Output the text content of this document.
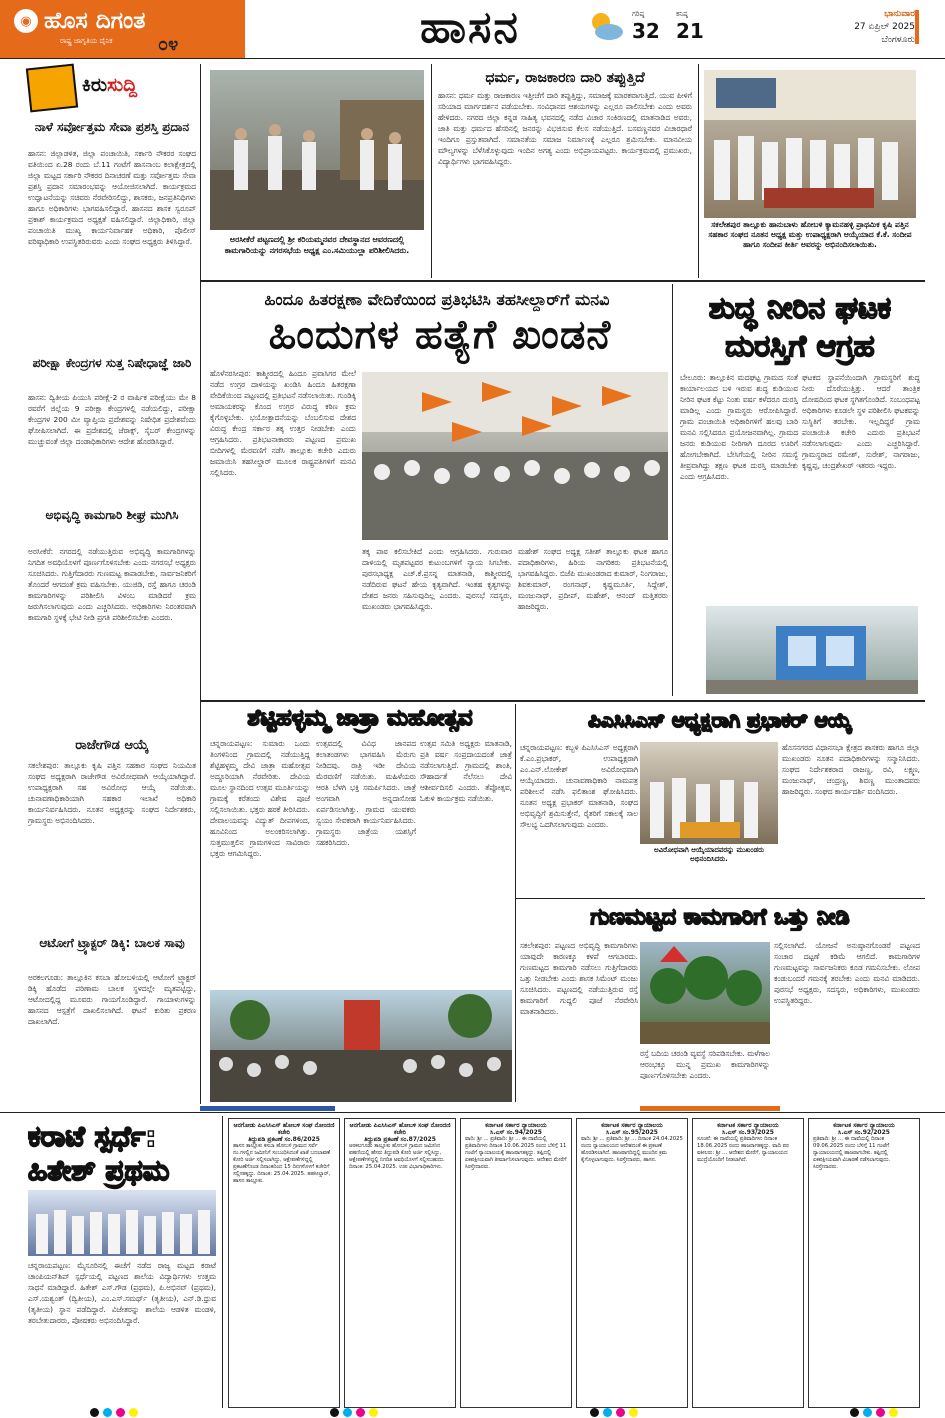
◉ ಹೊಸ ದಿಗಂತ
ರಾಷ್ಟ್ರ ಜಾಗೃತಿಯ ದೈನಿಕ	೦೪	ಹಾಸನ	ಗರಿಷ್ಠ
32
ಕನಿಷ್ಠ
21
ಭಾನುವಾರ
27 ಏಪ್ರಿಲ್ 2025
ಬೆಂಗಳೂರು
ಕಿರುಸುದ್ದಿ
ನಾಳೆ ಸರ್ವೋತ್ತಮ ಸೇವಾ ಪ್ರಶಸ್ತಿ ಪ್ರದಾನ
ಹಾಸನ: ಜಿಲ್ಲಾಡಳಿತ, ಜಿಲ್ಲಾ ಪಂಚಾಯಿತಿ, ಸರ್ಕಾರಿ ನೌಕರರ ಸಂಘದ ವತಿಯಿಂದ ಏ.28 ರಂದು ಬೆ.11 ಗಂಟೆಗೆ ಹಾಸನಾಂಬ ಕಲಾಕ್ಷೇತ್ರದಲ್ಲಿ ಜಿಲ್ಲಾ ಮಟ್ಟದ ಸರ್ಕಾರಿ ನೌಕರರ ದಿನಾಚರಣೆ ಮತ್ತು ಸರ್ವೋತ್ತಮ ಸೇವಾ ಪ್ರಶಸ್ತಿ ಪ್ರದಾನ ಸಮಾರಂಭವನ್ನು ಆಯೋಜಿಸಲಾಗಿದೆ. ಕಾರ್ಯಕ್ರಮದ ಉದ್ಘಾಟನೆಯನ್ನು ಸಚಿವರು ನೆರವೇರಿಸಲಿದ್ದು, ಶಾಸಕರು, ಜನಪ್ರತಿನಿಧಿಗಳು ಹಾಗೂ ಅಧಿಕಾರಿಗಳು ಭಾಗವಹಿಸಲಿದ್ದಾರೆ. ಹಾಸನದ ಶಾಸಕ ಸ್ವರೂಪ್ ಪ್ರಕಾಶ್ ಕಾರ್ಯಕ್ರಮದ ಅಧ್ಯಕ್ಷತೆ ವಹಿಸಲಿದ್ದಾರೆ. ಜಿಲ್ಲಾಧಿಕಾರಿ, ಜಿಲ್ಲಾ ಪಂಚಾಯಿತಿ ಮುಖ್ಯ ಕಾರ್ಯನಿರ್ವಾಹಕ ಅಧಿಕಾರಿ, ಪೊಲೀಸ್ ವರಿಷ್ಠಾಧಿಕಾರಿ ಉಪಸ್ಥಿತರಿರುವರು ಎಂದು ಸಂಘದ ಅಧ್ಯಕ್ಷರು ತಿಳಿಸಿದ್ದಾರೆ.
ಪರೀಕ್ಷಾ ಕೇಂದ್ರಗಳ ಸುತ್ತ ನಿಷೇಧಾಜ್ಞೆ ಜಾರಿ
ಹಾಸನ: ದ್ವಿತೀಯ ಪಿಯುಸಿ ಪರೀಕ್ಷೆ-2 ರ ವಾರ್ಷಿಕ ಪರೀಕ್ಷೆಯು ಮೇ 8 ರವರೆಗೆ ಜಿಲ್ಲೆಯ 9 ಪರೀಕ್ಷಾ ಕೇಂದ್ರಗಳಲ್ಲಿ ನಡೆಯಲಿದ್ದು, ಪರೀಕ್ಷಾ ಕೇಂದ್ರಗಳ 200 ಮೀ ವ್ಯಾಪ್ತಿಯ ಪ್ರದೇಶವನ್ನು ನಿಷೇಧಿತ ಪ್ರದೇಶವೆಂದು ಘೋಷಿಸಲಾಗಿದೆ. ಈ ಪ್ರದೇಶದಲ್ಲಿ ಜೆರಾಕ್ಸ್, ಸೈಬರ್ ಕೇಂದ್ರಗಳನ್ನು ಮುಚ್ಚುವಂತೆ ಜಿಲ್ಲಾ ದಂಡಾಧಿಕಾರಿಗಳು ಆದೇಶ ಹೊರಡಿಸಿದ್ದಾರೆ.
ಅಭಿವೃದ್ಧಿ ಕಾಮಗಾರಿ ಶೀಘ್ರ ಮುಗಿಸಿ
ಅರಸೀಕೆರೆ: ನಗರದಲ್ಲಿ ನಡೆಯುತ್ತಿರುವ ಅಭಿವೃದ್ಧಿ ಕಾಮಗಾರಿಗಳನ್ನು ನಿಗದಿತ ಅವಧಿಯೊಳಗೆ ಪೂರ್ಣಗೊಳಿಸಬೇಕು ಎಂದು ನಗರಸಭೆ ಅಧ್ಯಕ್ಷರು ಸೂಚಿಸಿದರು. ಗುತ್ತಿಗೆದಾರರು ಗುಣಮಟ್ಟ ಕಾಪಾಡಬೇಕು, ಸಾರ್ವಜನಿಕರಿಗೆ ತೊಂದರೆ ಆಗದಂತೆ ಕ್ರಮ ವಹಿಸಬೇಕು. ಯುಜಿಡಿ, ರಸ್ತೆ ಹಾಗೂ ಚರಂಡಿ ಕಾಮಗಾರಿಗಳನ್ನು ಪರಿಶೀಲಿಸಿ ವಿಳಂಬ ಮಾಡಿದರೆ ಕ್ರಮ ಜರುಗಿಸಲಾಗುವುದು ಎಂದು ಎಚ್ಚರಿಸಿದರು. ಅಧಿಕಾರಿಗಳು ನಿರಂತರವಾಗಿ ಕಾಮಗಾರಿ ಸ್ಥಳಕ್ಕೆ ಭೇಟಿ ನೀಡಿ ಪ್ರಗತಿ ಪರಿಶೀಲಿಸಬೇಕು ಎಂದರು.
ರಾಜೇಗೌಡ ಆಯ್ಕೆ
ಸಕಲೇಶಪುರ: ತಾಲ್ಲೂಕು ಕೃಷಿ ಪತ್ತಿನ ಸಹಕಾರ ಸಂಘದ ನಿಯಮಿತ ಸಂಘದ ಅಧ್ಯಕ್ಷರಾಗಿ ರಾಜೇಗೌಡ ಅವಿರೋಧವಾಗಿ ಆಯ್ಕೆಯಾಗಿದ್ದಾರೆ. ಉಪಾಧ್ಯಕ್ಷರಾಗಿ ಸಹ ಅವಿರೋಧ ಆಯ್ಕೆ ನಡೆಯಿತು. ಚುನಾವಣಾಧಿಕಾರಿಯಾಗಿ ಸಹಕಾರ ಇಲಾಖೆ ಅಧಿಕಾರಿ ಕಾರ್ಯನಿರ್ವಹಿಸಿದರು. ನೂತನ ಅಧ್ಯಕ್ಷರನ್ನು ಸಂಘದ ನಿರ್ದೇಶಕರು, ಗ್ರಾಮಸ್ಥರು ಅಭಿನಂದಿಸಿದರು.
ಆಟೋಗೆ ಟ್ರ್ಯಾಕ್ಟರ್ ಡಿಕ್ಕಿ: ಬಾಲಕ ಸಾವು
ಅರಕಲಗೂಡು: ತಾಲ್ಲೂಕಿನ ಕಸಬಾ ಹೋಬಳಿಯಲ್ಲಿ ಆಟೋಗೆ ಟ್ರ್ಯಾಕ್ಟರ್ ಡಿಕ್ಕಿ ಹೊಡೆದ ಪರಿಣಾಮ ಬಾಲಕ ಸ್ಥಳದಲ್ಲೇ ಮೃತಪಟ್ಟಿದ್ದು, ಆಟೋದಲ್ಲಿದ್ದ ಮೂವರು ಗಾಯಗೊಂಡಿದ್ದಾರೆ. ಗಾಯಾಳುಗಳನ್ನು ಹಾಸನದ ಆಸ್ಪತ್ರೆಗೆ ದಾಖಲಿಸಲಾಗಿದೆ. ಘಟನೆ ಕುರಿತು ಪ್ರಕರಣ ದಾಖಲಾಗಿದೆ.
ಅರಸೀಕೆರೆ ಪಟ್ಟಣದಲ್ಲಿ ಶ್ರೀ ಕರಿಯಮ್ಮನವರ ದೇವಸ್ಥಾನದ ಆವರಣದಲ್ಲಿ ಕಾಮಗಾರಿಯನ್ನು ನಗರಸಭೆಯ ಅಧ್ಯಕ್ಷ ಎಂ.ಸಮಿಯುಲ್ಲಾ ಪರಿಶೀಲಿಸಿದರು.
ಧರ್ಮ, ರಾಜಕಾರಣ ದಾರಿ ತಪ್ಪುತ್ತಿದೆ
ಹಾಸನ: ಧರ್ಮ ಮತ್ತು ರಾಜಕಾರಣ ಇತ್ತೀಚೆಗೆ ದಾರಿ ತಪ್ಪುತ್ತಿದ್ದು, ಸಮಾಜಕ್ಕೆ ಮಾರಕವಾಗುತ್ತಿದೆ. ಯುವ ಪೀಳಿಗೆ ಸರಿಯಾದ ಮಾರ್ಗದರ್ಶನ ಪಡೆಯಬೇಕು. ಸಂವಿಧಾನದ ಆಶಯಗಳನ್ನು ಎಲ್ಲರೂ ಪಾಲಿಸಬೇಕು ಎಂದು ಅವರು ಹೇಳಿದರು. ನಗರದ ಜಿಲ್ಲಾ ಕನ್ನಡ ಸಾಹಿತ್ಯ ಭವನದಲ್ಲಿ ನಡೆದ ವಿಚಾರ ಸಂಕಿರಣದಲ್ಲಿ ಮಾತನಾಡಿದ ಅವರು, ಜಾತಿ ಮತ್ತು ಧರ್ಮದ ಹೆಸರಿನಲ್ಲಿ ಜನರನ್ನು ವಿಭಜಿಸುವ ಕೆಲಸ ನಡೆಯುತ್ತಿದೆ. ಬಸವಣ್ಣನವರ ವಿಚಾರಧಾರೆ ಇಂದಿಗೂ ಪ್ರಸ್ತುತವಾಗಿದೆ. ಸಮಾನತೆಯ ಸಮಾಜ ನಿರ್ಮಾಣಕ್ಕೆ ಎಲ್ಲರೂ ಶ್ರಮಿಸಬೇಕು. ಮಾನವೀಯ ಮೌಲ್ಯಗಳನ್ನು ಬೆಳೆಸಿಕೊಳ್ಳುವುದು ಇಂದಿನ ಅಗತ್ಯ ಎಂದು ಅಭಿಪ್ರಾಯಪಟ್ಟರು. ಕಾರ್ಯಕ್ರಮದಲ್ಲಿ ಪ್ರಮುಖರು, ವಿದ್ಯಾರ್ಥಿಗಳು ಭಾಗವಹಿಸಿದ್ದರು.
ಸಕಲೇಶಪುರ ತಾಲ್ಲೂಕು ಹಾನುಬಾಳು ಹೋಬಳಿ ಕ್ಯಾಮನಹಳ್ಳಿ ಪ್ರಾಥಮಿಕ ಕೃಷಿ ಪತ್ತಿನ ಸಹಕಾರ ಸಂಘದ ನೂತನ ಅಧ್ಯಕ್ಷ ಮತ್ತು ಉಪಾಧ್ಯಕ್ಷರಾಗಿ ಆಯ್ಕೆಯಾದ ಕೆ.ಕೆ. ಸಂದೀಪ ಹಾಗೂ ಸಂದೀಪ ಕೀರ್ತಿ ಅವರನ್ನು ಅಭಿನಂದಿಸಲಾಯಿತು.
ಹಿಂದೂ ಹಿತರಕ್ಷಣಾ ವೇದಿಕೆಯಿಂದ ಪ್ರತಿಭಟಿಸಿ ತಹಸೀಲ್ದಾರ್‌ಗೆ ಮನವಿ
ಹಿಂದುಗಳ ಹತ್ಯೆಗೆ ಖಂಡನೆ
ಹೊಳೆನರಸೀಪುರ: ಕಾಶ್ಮೀರದಲ್ಲಿ ಹಿಂದೂ ಪ್ರವಾಸಿಗರ ಮೇಲೆ ನಡೆದ ಉಗ್ರರ ದಾಳಿಯನ್ನು ಖಂಡಿಸಿ ಹಿಂದೂ ಹಿತರಕ್ಷಣಾ ವೇದಿಕೆಯಿಂದ ಪಟ್ಟಣದಲ್ಲಿ ಪ್ರತಿಭಟನೆ ನಡೆಸಲಾಯಿತು. ಗುಂಡಿಕ್ಕಿ ಅಮಾಯಕರನ್ನು ಕೊಂದ ಉಗ್ರರ ವಿರುದ್ಧ ಕಠಿಣ ಕ್ರಮ ಕೈಗೊಳ್ಳಬೇಕು. ಭಯೋತ್ಪಾದನೆಯನ್ನು ಬೆಂಬಲಿಸುವ ದೇಶದ ವಿರುದ್ಧ ಕೇಂದ್ರ ಸರ್ಕಾರ ತಕ್ಕ ಉತ್ತರ ನೀಡಬೇಕು ಎಂದು ಆಗ್ರಹಿಸಿದರು. ಪ್ರತಿಭಟನಾಕಾರರು ಪಟ್ಟಣದ ಪ್ರಮುಖ ಬೀದಿಗಳಲ್ಲಿ ಮೆರವಣಿಗೆ ನಡೆಸಿ ತಾಲ್ಲೂಕು ಕಚೇರಿ ಎದುರು ಜಮಾಯಿಸಿ ತಹಸೀಲ್ದಾರ್ ಮೂಲಕ ರಾಷ್ಟ್ರಪತಿಗಳಿಗೆ ಮನವಿ ಸಲ್ಲಿಸಿದರು.
ತಕ್ಕ ಪಾಠ ಕಲಿಸಬೇಕಿದೆ ಎಂದು ಆಗ್ರಹಿಸಿದರು. ಗುರುವಾರ ದಾಳಿಯಲ್ಲಿ ಮೃತಪಟ್ಟವರ ಕುಟುಂಬಗಳಿಗೆ ನ್ಯಾಯ ಸಿಗಬೇಕು. ಪುರಸಭಾಧ್ಯಕ್ಷ ಎಚ್.ಕೆ.ಪ್ರಸನ್ನ ಮಾತನಾಡಿ, ಕಾಶ್ಮೀರದಲ್ಲಿ ನಡೆದಿರುವ ಘಟನೆ ಹೇಯ ಕೃತ್ಯವಾಗಿದೆ. ಇಂತಹ ಕೃತ್ಯಗಳನ್ನು ದೇಶದ ಜನರು ಸಹಿಸುವುದಿಲ್ಲ ಎಂದರು. ಪುರಸಭೆ ಸದಸ್ಯರು, ಮುಖಂಡರು ಭಾಗವಹಿಸಿದ್ದರು.
ಮಹೇಶ್ ಸಂಘದ ಅಧ್ಯಕ್ಷ ಸತೀಶ್ ತಾಲ್ಲೂಕು ಘಟಕ ಹಾಗೂ ಪದಾಧಿಕಾರಿಗಳು, ಹಿರಿಯ ನಾಗರಿಕರು ಪ್ರತಿಭಟನೆಯಲ್ಲಿ ಭಾಗವಹಿಸಿದ್ದರು. ಬಿಜೆಪಿ ಮುಖಂಡರಾದ ಕುಮಾರ್, ನಿಂಗರಾಜು, ಶಿವಕುಮಾರ್, ರಂಗನಾಥ್, ಕೃಷ್ಣಮೂರ್ತಿ, ಸಿದ್ದೇಶ್, ಮಂಜುನಾಥ್, ಪ್ರದೀಪ್, ಮಹೇಶ್, ಆನಂದ್ ಮತ್ತಿತರರು ಹಾಜರಿದ್ದರು.
ಶುದ್ಧ ನೀರಿನ ಘಟಕ ದುರಸ್ತಿಗೆ ಆಗ್ರಹ
ಬೇಲೂರು: ತಾಲ್ಲೂಕಿನ ಮದಘಟ್ಟ ಗ್ರಾಮದ ಸಂತೆ ಕಾರ್ಯಾಲಯದ ಬಳಿ ಇರುವ ಶುದ್ಧ ಕುಡಿಯುವ ನೀರಿನ ಘಟಕ ಕೆಟ್ಟು ನಿಂತು ವರ್ಷ ಕಳೆದರೂ ದುರಸ್ತಿ ಮಾಡಿಲ್ಲ ಎಂದು ಗ್ರಾಮಸ್ಥರು ಆರೋಪಿಸಿದ್ದಾರೆ. ಗ್ರಾಮ ಪಂಚಾಯಿತಿ ಅಧಿಕಾರಿಗಳಿಗೆ ಹಲವು ಬಾರಿ ಮನವಿ ಸಲ್ಲಿಸಿದರೂ ಪ್ರಯೋಜನವಾಗಿಲ್ಲ. ಗ್ರಾಮದ ಜನರು ಕುಡಿಯುವ ನೀರಿಗಾಗಿ ದೂರದ ಊರಿಗೆ ಹೋಗಬೇಕಾಗಿದೆ. ಬೇಸಿಗೆಯಲ್ಲಿ ನೀರಿನ ಸಮಸ್ಯೆ ತೀವ್ರವಾಗಿದ್ದು ತಕ್ಷಣ ಘಟಕ ದುರಸ್ತಿ ಮಾಡಬೇಕು ಎಂದು ಆಗ್ರಹಿಸಿದರು.
ಘಟಕದ ಸ್ಥಾಪನೆಯಿಂದಾಗಿ ಗ್ರಾಮಸ್ಥರಿಗೆ ಶುದ್ಧ ನೀರು ದೊರೆಯುತ್ತಿತ್ತು. ಆದರೆ ತಾಂತ್ರಿಕ ದೋಷದಿಂದ ಘಟಕ ಸ್ಥಗಿತಗೊಂಡಿದೆ. ಸಂಬಂಧಪಟ್ಟ ಅಧಿಕಾರಿಗಳು ಕೂಡಲೇ ಸ್ಥಳ ಪರಿಶೀಲಿಸಿ ಘಟಕವನ್ನು ಸುಸ್ಥಿತಿಗೆ ತರಬೇಕು. ಇಲ್ಲದಿದ್ದರೆ ಗ್ರಾಮ ಪಂಚಾಯಿತಿ ಕಚೇರಿ ಎದುರು ಪ್ರತಿಭಟನೆ ನಡೆಸಲಾಗುವುದು ಎಂದು ಎಚ್ಚರಿಸಿದ್ದಾರೆ. ಗ್ರಾಮಸ್ಥರಾದ ರಮೇಶ್, ಸುರೇಶ್, ನಾಗರಾಜು, ಕೃಷ್ಣಪ್ಪ, ಚಂದ್ರಶೇಖರ್ ಇತರರು ಇದ್ದರು.
ಶೆಟ್ಟಿಹಳ್ಳಮ್ಮ ಜಾತ್ರಾ ಮಹೋತ್ಸವ
ಚನ್ನರಾಯಪಟ್ಟಣ: ಸುಮಾರು ಒಂದು ತಿಂಗಳಿನಿಂದ ಗ್ರಾಮದಲ್ಲಿ ನಡೆಯುತ್ತಿದ್ದ ಶೆಟ್ಟಿಹಳ್ಳಮ್ಮ ದೇವಿ ಜಾತ್ರಾ ಮಹೋತ್ಸವ ಅದ್ದೂರಿಯಾಗಿ ನೆರವೇರಿತು. ದೇವಿಯ ಮೂಲ ಸ್ಥಾನದಿಂದ ಉತ್ಸವ ಮೂರ್ತಿಯನ್ನು ಗ್ರಾಮಕ್ಕೆ ಕರೆತಂದು ವಿಶೇಷ ಪೂಜೆ ಸಲ್ಲಿಸಲಾಯಿತು. ಭಕ್ತರು ಹರಕೆ ತೀರಿಸಿದರು. ದೇವಾಲಯವನ್ನು ವಿದ್ಯುತ್ ದೀಪಗಳಿಂದ, ಹೂವಿನಿಂದ ಅಲಂಕರಿಸಲಾಗಿತ್ತು. ಸುತ್ತಮುತ್ತಲಿನ ಗ್ರಾಮಗಳಿಂದ ಸಾವಿರಾರು ಭಕ್ತರು ಆಗಮಿಸಿದ್ದರು.
ಉತ್ಸವದಲ್ಲಿ ವಿವಿಧ ಜಾನಪದ ಕಲಾತಂಡಗಳು ಭಾಗವಹಿಸಿ ಮೆರುಗು ನೀಡಿದವು. ರಾತ್ರಿ ಇಡೀ ದೇವಿಯ ಮೆರವಣಿಗೆ ನಡೆಯಿತು. ಮಹಿಳೆಯರು ಆರತಿ ಬೆಳಗಿ ಭಕ್ತಿ ಸಮರ್ಪಿಸಿದರು. ಜಾತ್ರೆ ಅಂಗವಾಗಿ ಅನ್ನದಾಸೋಹ ಏರ್ಪಡಿಸಲಾಗಿತ್ತು. ಗ್ರಾಮದ ಯುವಕರು ಸ್ವಯಂ ಸೇವಕರಾಗಿ ಕಾರ್ಯನಿರ್ವಹಿಸಿದರು. ಗ್ರಾಮಸ್ಥರು ಜಾತ್ರೆಯ ಯಶಸ್ಸಿಗೆ ಸಹಕರಿಸಿದರು.
ಉತ್ಸವ ಸಮಿತಿ ಅಧ್ಯಕ್ಷರು ಮಾತನಾಡಿ, ಪ್ರತಿ ವರ್ಷ ಸಂಪ್ರದಾಯದಂತೆ ಜಾತ್ರೆ ನಡೆಸಲಾಗುತ್ತಿದೆ. ಗ್ರಾಮದಲ್ಲಿ ಶಾಂತಿ, ಸೌಹಾರ್ದತೆ ನೆಲೆಸಲು ದೇವಿ ಆಶೀರ್ವದಿಸಲಿ ಎಂದರು. ತೆಪ್ಪೋತ್ಸವ, ಓಕುಳಿ ಕಾರ್ಯಕ್ರಮ ನಡೆಯಿತು.
ಪಿಎಸಿಸಿಎಸ್ ಅಧ್ಯಕ್ಷರಾಗಿ ಪ್ರಭಾಕರ್ ಆಯ್ಕೆ
ಚನ್ನರಾಯಪಟ್ಟಣ: ಕಬ್ಬಳಿ ಪಿಎಸಿಸಿಎಸ್ ಅಧ್ಯಕ್ಷರಾಗಿ ಕೆ.ಎಂ.ಪ್ರಭಾಕರ್, ಉಪಾಧ್ಯಕ್ಷರಾಗಿ ಎಂ.ಎನ್.ಲೋಕೇಶ್ ಅವಿರೋಧವಾಗಿ ಆಯ್ಕೆಯಾದರು. ಚುನಾವಣಾಧಿಕಾರಿ ನಾಮಪತ್ರ ಪರಿಶೀಲನೆ ನಡೆಸಿ ಫಲಿತಾಂಶ ಘೋಷಿಸಿದರು. ನೂತನ ಅಧ್ಯಕ್ಷ ಪ್ರಭಾಕರ್ ಮಾತನಾಡಿ, ಸಂಘದ ಅಭಿವೃದ್ಧಿಗೆ ಶ್ರಮಿಸುತ್ತೇನೆ, ರೈತರಿಗೆ ಸಕಾಲಕ್ಕೆ ಸಾಲ ಸೌಲಭ್ಯ ಒದಗಿಸಲಾಗುವುದು ಎಂದರು.
ಅವಿರೋಧವಾಗಿ ಆಯ್ಕೆಯಾದವರನ್ನು ಮುಖಂಡರು ಅಭಿನಂದಿಸಿದರು.
ಹೊಸನಗರದ ವಿಧಾನಸಭಾ ಕ್ಷೇತ್ರದ ಶಾಸಕರು ಹಾಗೂ ಜಿಲ್ಲಾ ಮುಖಂಡರು ನೂತನ ಪದಾಧಿಕಾರಿಗಳನ್ನು ಸನ್ಮಾನಿಸಿದರು. ಸಂಘದ ನಿರ್ದೇಶಕರಾದ ರಾಜಣ್ಣ, ರವಿ, ಲಕ್ಷ್ಮಣ, ಮಂಜುನಾಥ್, ಚಂದ್ರಣ್ಣ, ಶಿವಣ್ಣ ಮುಂತಾದವರು ಹಾಜರಿದ್ದರು. ಸಂಘದ ಕಾರ್ಯದರ್ಶಿ ವಂದಿಸಿದರು.
ಗುಣಮಟ್ಟದ ಕಾಮಗಾರಿಗೆ ಒತ್ತು ನೀಡಿ
ಸಕಲೇಶಪುರ: ಪಟ್ಟಣದ ಅಭಿವೃದ್ಧಿ ಕಾಮಗಾರಿಗಳು ಯಾವುದೇ ಕಾರಣಕ್ಕೂ ಕಳಪೆ ಆಗಬಾರದು. ಗುಣಮಟ್ಟದ ಕಾಮಗಾರಿ ನಡೆಸಲು ಗುತ್ತಿಗೆದಾರರು ಒತ್ತು ನೀಡಬೇಕು ಎಂದು ಶಾಸಕ ಸಿಮೆಂಟ್ ಮಂಜು ಸೂಚಿಸಿದರು. ಪಟ್ಟಣದಲ್ಲಿ ನಡೆಯುತ್ತಿರುವ ರಸ್ತೆ ಕಾಮಗಾರಿಗೆ ಗುದ್ದಲಿ ಪೂಜೆ ನೆರವೇರಿಸಿ ಮಾತನಾಡಿದರು.
ರಸ್ತೆ ಬದಿಯ ಚರಂಡಿ ವ್ಯವಸ್ಥೆ ಸರಿಪಡಿಸಬೇಕು. ಮಳೆಗಾಲ ಆರಂಭಕ್ಕೂ ಮುನ್ನ ಪ್ರಮುಖ ಕಾಮಗಾರಿಗಳನ್ನು ಪೂರ್ಣಗೊಳಿಸಬೇಕು ಎಂದರು.
ಸಲ್ಲಿಸಲಾಗಿದೆ. ಯೋಜನೆ ಅನುಷ್ಠಾನಗೊಂಡರೆ ಪಟ್ಟಣದ ಸಂಚಾರ ದಟ್ಟಣೆ ಕಡಿಮೆ ಆಗಲಿದೆ. ಕಾಮಗಾರಿಗಳ ಗುಣಮಟ್ಟವನ್ನು ಸಾರ್ವಜನಿಕರು ಕೂಡ ಗಮನಿಸಬೇಕು. ಲೋಪ ಕಂಡುಬಂದರೆ ಗಮನಕ್ಕೆ ತರಬೇಕು ಎಂದು ಮನವಿ ಮಾಡಿದರು. ಪುರಸಭೆ ಅಧ್ಯಕ್ಷರು, ಸದಸ್ಯರು, ಅಧಿಕಾರಿಗಳು, ಮುಖಂಡರು ಉಪಸ್ಥಿತರಿದ್ದರು.
ಕರಾಟೆ ಸ್ಪರ್ಧೆ:
ಹಿತೇಶ್ ಪ್ರಥಮ
ಚನ್ನರಾಯಪಟ್ಟಣ: ಮೈಸೂರಿನಲ್ಲಿ ಈಚೆಗೆ ನಡೆದ ರಾಜ್ಯ ಮಟ್ಟದ ಕರಾಟೆ ಚಾಂಪಿಯನ್‌ಶಿಪ್ ಸ್ಪರ್ಧೆಯಲ್ಲಿ ಪಟ್ಟಣದ ಶಾಲೆಯ ವಿದ್ಯಾರ್ಥಿಗಳು ಉತ್ತಮ ಸಾಧನೆ ಮಾಡಿದ್ದಾರೆ. ಹಿತೇಶ್ ಎಸ್.ಗೌಡ (ಪ್ರಥಮ), ಪಿ.ಅಭಿನವ್ (ಪ್ರಥಮ), ಎಸ್.ಯಶ್ವಂತ್ (ದ್ವಿತೀಯ), ಎಂ.ಎಸ್.ಸಮರ್ಥ್ (ತೃತೀಯ), ಎನ್.ಡಿ.ಧ್ರುವ (ತೃತೀಯ) ಸ್ಥಾನ ಪಡೆದಿದ್ದಾರೆ. ವಿಜೇತರನ್ನು ಶಾಲೆಯ ಆಡಳಿತ ಮಂಡಳಿ, ತರಬೇತುದಾರರು, ಪೋಷಕರು ಅಭಿನಂದಿಸಿದ್ದಾರೆ.
ಆನಗೋಡು ಪಿಎಸಿಸಿಎಸ್ ಹೋಬಳಿ ಸಂಘ ನೋಂದಣಿ ಕಚೇರಿ
ತಿದ್ದುಪಡಿ ಪ್ರಕಟಣೆ ಸಂ.86/2025
ಹಾಸನ ತಾಲ್ಲೂಕು ಕಸಬಾ ಹೋಬಳಿ ಗ್ರಾಮದ ಸರ್ವೆ ನಂ.ಗಳಲ್ಲಿನ ಜಮೀನಿಗೆ ಸಂಬಂಧಿಸಿದಂತೆ ಖಾತೆ ಬದಲಾವಣೆ ಕೋರಿ ಅರ್ಜಿ ಸಲ್ಲಿಸಲಾಗಿದ್ದು, ಆಕ್ಷೇಪಣೆಗಳಿದ್ದಲ್ಲಿ ಪ್ರಕಟಣೆಗೊಂಡ ದಿನಾಂಕದಿಂದ 15 ದಿನಗಳೊಳಗೆ ಕಚೇರಿಗೆ ಸಲ್ಲಿಸತಕ್ಕದ್ದು. ದಿನಾಂಕ: 25.04.2025. ತಹಸೀಲ್ದಾರ್, ಹಾಸನ ತಾಲ್ಲೂಕು.
ಆನಗೋಡು ಪಿಎಸಿಸಿಎಸ್ ಹೋಬಳಿ ಸಂಘ ನೋಂದಣಿ ಕಚೇರಿ
ತಿದ್ದುಪಡಿ ಪ್ರಕಟಣೆ ಸಂ.87/2025
ಅರಕಲಗೂಡು ತಾಲ್ಲೂಕು ಹೋಬಳಿ ಗ್ರಾಮದ ಜಮೀನಿನ ಪಹಣಿಯಲ್ಲಿ ಹೆಸರು ತಿದ್ದುಪಡಿ ಕೋರಿ ಅರ್ಜಿ ಸಲ್ಲಿಸಿದ್ದು, ಆಕ್ಷೇಪಣೆಗಳಿದ್ದಲ್ಲಿ ನಿಗದಿತ ಅವಧಿಯೊಳಗೆ ಸಲ್ಲಿಸಬಹುದು. ದಿನಾಂಕ: 25.04.2025. ಉಪ ವಿಭಾಗಾಧಿಕಾರಿಗಳು.
ಕರ್ನಾಟಕ ಸರ್ಕಾರ ನ್ಯಾಯಾಲಯ
ಸಿ.ಎಸ್ ಸಂ.94/2025
ವಾದಿ: ಶ್ರೀ ... ಪ್ರತಿವಾದಿ: ಶ್ರೀ ... ಈ ದಾವೆಯಲ್ಲಿ ಪ್ರತಿವಾದಿಗಳು ದಿನಾಂಕ 10.06.2025 ರಂದು ಬೆಳಿಗ್ಗೆ 11 ಗಂಟೆಗೆ ನ್ಯಾಯಾಲಯಕ್ಕೆ ಹಾಜರಾಗತಕ್ಕದ್ದು. ತಪ್ಪಿದಲ್ಲಿ ಏಕಪಕ್ಷೀಯವಾಗಿ ತೀರ್ಮಾನಿಸಲಾಗುವುದು. ಆದೇಶದ ಮೇರೆಗೆ ಸಿರಸ್ತೇದಾರರು.
ಕರ್ನಾಟಕ ಸರ್ಕಾರ ನ್ಯಾಯಾಲಯ
ಸಿ.ಎಸ್ ಸಂ.95/2025
ವಾದಿ: ಶ್ರೀ ... ಪ್ರತಿವಾದಿ: ಶ್ರೀ ... ದಿನಾಂಕ 24.04.2025 ರಂದು ನ್ಯಾಯಾಲಯದ ಆದೇಶದಂತೆ ಈ ಪ್ರಕಟಣೆ ಹೊರಡಿಸಲಾಗಿದೆ. ಹಾಜರಾಗದಿದ್ದಲ್ಲಿ ಮುಂದಿನ ಕ್ರಮ ಕೈಗೊಳ್ಳಲಾಗುವುದು. ಸಿರಸ್ತೇದಾರರು, ಹಾಸನ.
ಕರ್ನಾಟಕ ಸರ್ಕಾರ ನ್ಯಾಯಾಲಯ
ಸಿ.ಎಸ್ ಸಂ.93/2025
ಸೂಚನೆ: ಈ ದಾವೆಯಲ್ಲಿ ಪ್ರತಿವಾದಿಗಳು ದಿನಾಂಕ 18.06.2025 ರಂದು ಹಾಜರಾಗತಕ್ಕದ್ದು. ವಾದಿ ಪರ ವಕೀಲರು: ಶ್ರೀ ... ಆದೇಶದ ಮೇರೆಗೆ, ನ್ಯಾಯಾಲಯದ ಮುದ್ರೆಯೊಂದಿಗೆ ನೀಡಲಾಗಿದೆ.
ಕರ್ನಾಟಕ ಸರ್ಕಾರ ನ್ಯಾಯಾಲಯ
ಸಿ.ಎಸ್ ಸಂ.92/2025
ಪ್ರತಿವಾದಿ: ಶ್ರೀ ... ಈ ದಾವೆಯಲ್ಲಿ ದಿನಾಂಕ 09.06.2025 ರಂದು ಬೆಳಿಗ್ಗೆ 11 ಗಂಟೆಗೆ ನ್ಯಾಯಾಲಯದಲ್ಲಿ ಹಾಜರಾಗಬೇಕು. ತಪ್ಪಿದಲ್ಲಿ ಏಕಪಕ್ಷೀಯವಾಗಿ ವಿಚಾರಣೆ ನಡೆಸಲಾಗುವುದು. ಸಿರಸ್ತೇದಾರರು.
